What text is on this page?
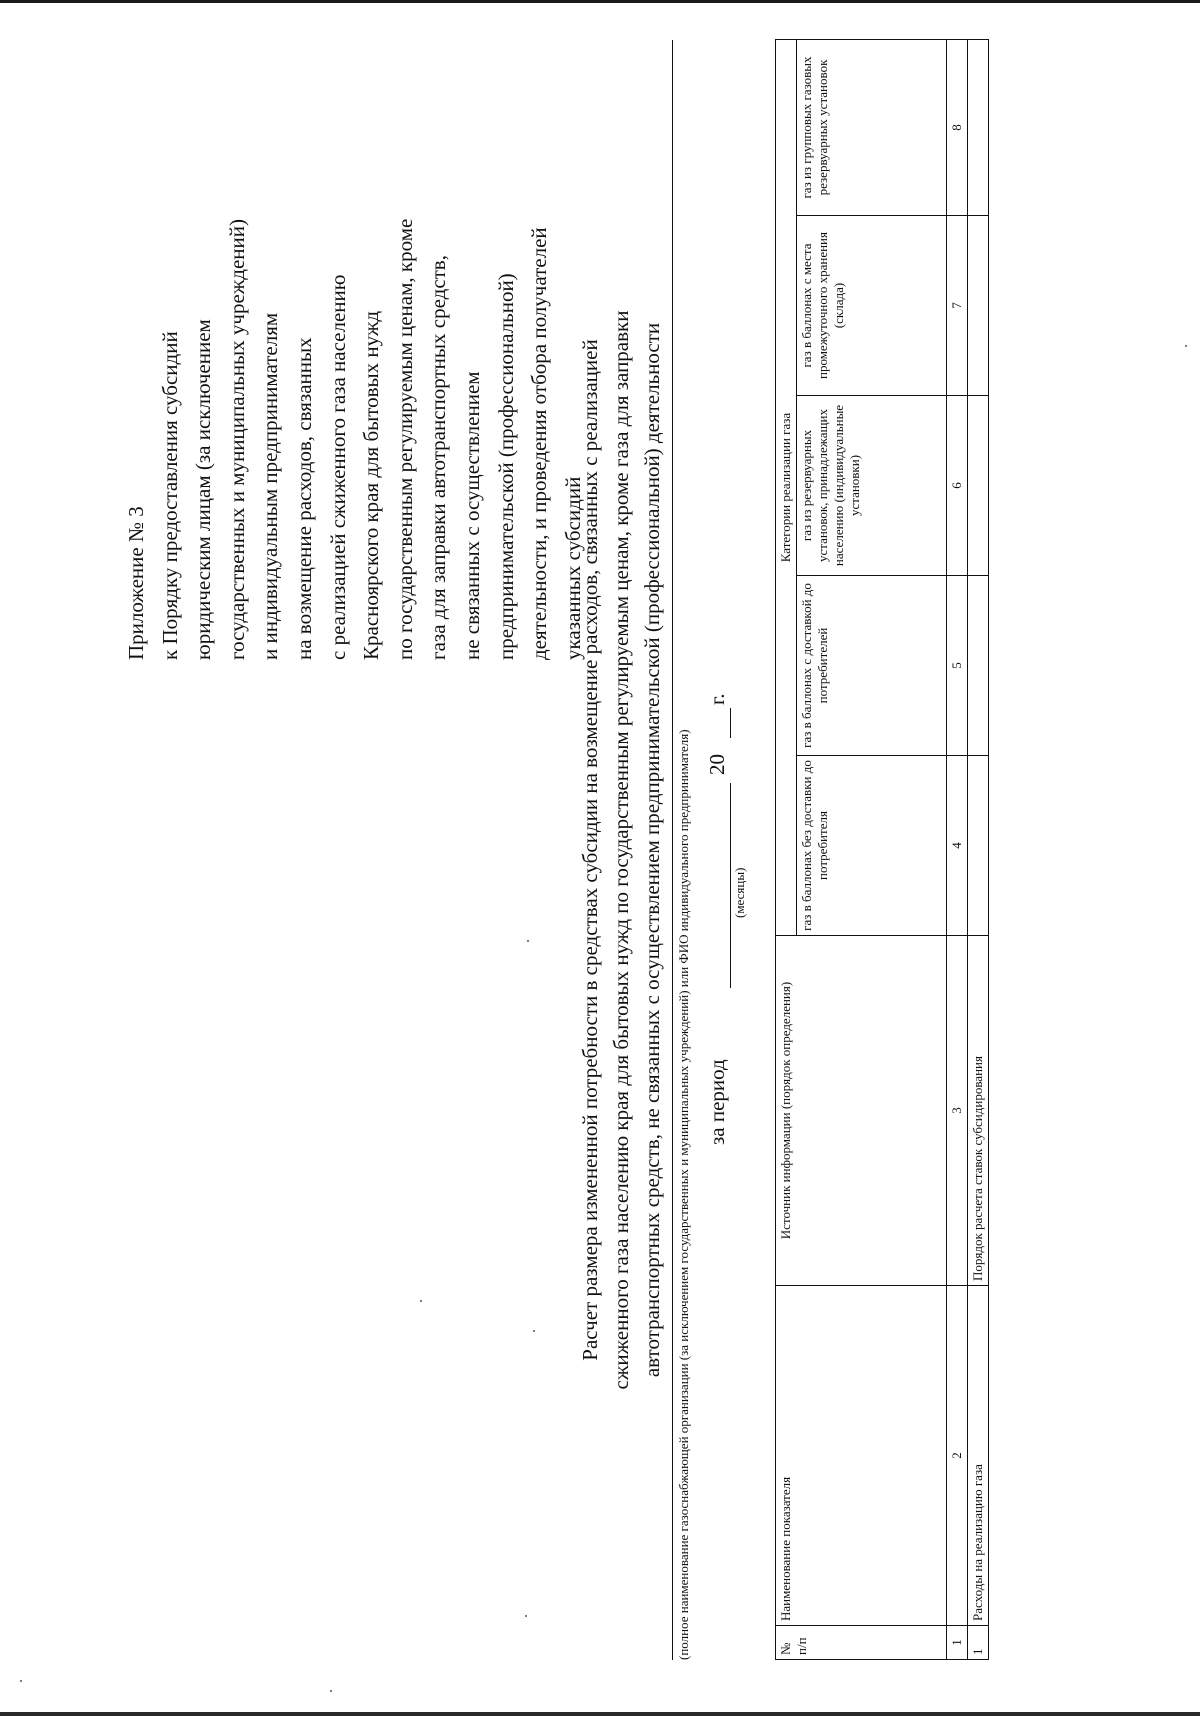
Приложение № 3 к Порядку предоставления субсидий юридическим лицам (за исключением государственных и муниципальных учреждений) и индивидуальным предпринимателям на возмещение расходов, связанных с реализацией сжиженного газа населению Красноярского края для бытовых нужд по государственным регулируемым ценам, кроме газа для заправки автотранспортных средств, не связанных с осуществлением предпринимательской (профессиональной) деятельности, и проведения отбора получателей указанных субсидий
Расчет размера измененной потребности в средствах субсидии на возмещение расходов, связанных с реализацией сжиженного газа населению края для бытовых нужд по государственным регулируемым ценам, кроме газа для заправки автотранспортных средств, не связанных с осуществлением предпринимательской (профессиональной) деятельности (полное наименование газоснабжающей организации (за исключением государственных и муниципальных учреждений) или ФИО индивидуального предпринимателя) за период
20
г.
(месяцы)
№ п/п	Наименование показателя	Источник информации (порядок определения)	Категории реализации газа				
			газ в баллонах без доставки до потребителя	газ в баллонах с доставкой до потребителей	газ из резервуарных установок, принадлежащих населению (индивидуальные установки)	газ в баллонах с места промежуточного хранения (склада)	газ из групповых газовых резервуарных установок
1	2	3	4	5	6	7	8
1	Расходы на реализацию газа	Порядок расчета ставок субсидирования					
